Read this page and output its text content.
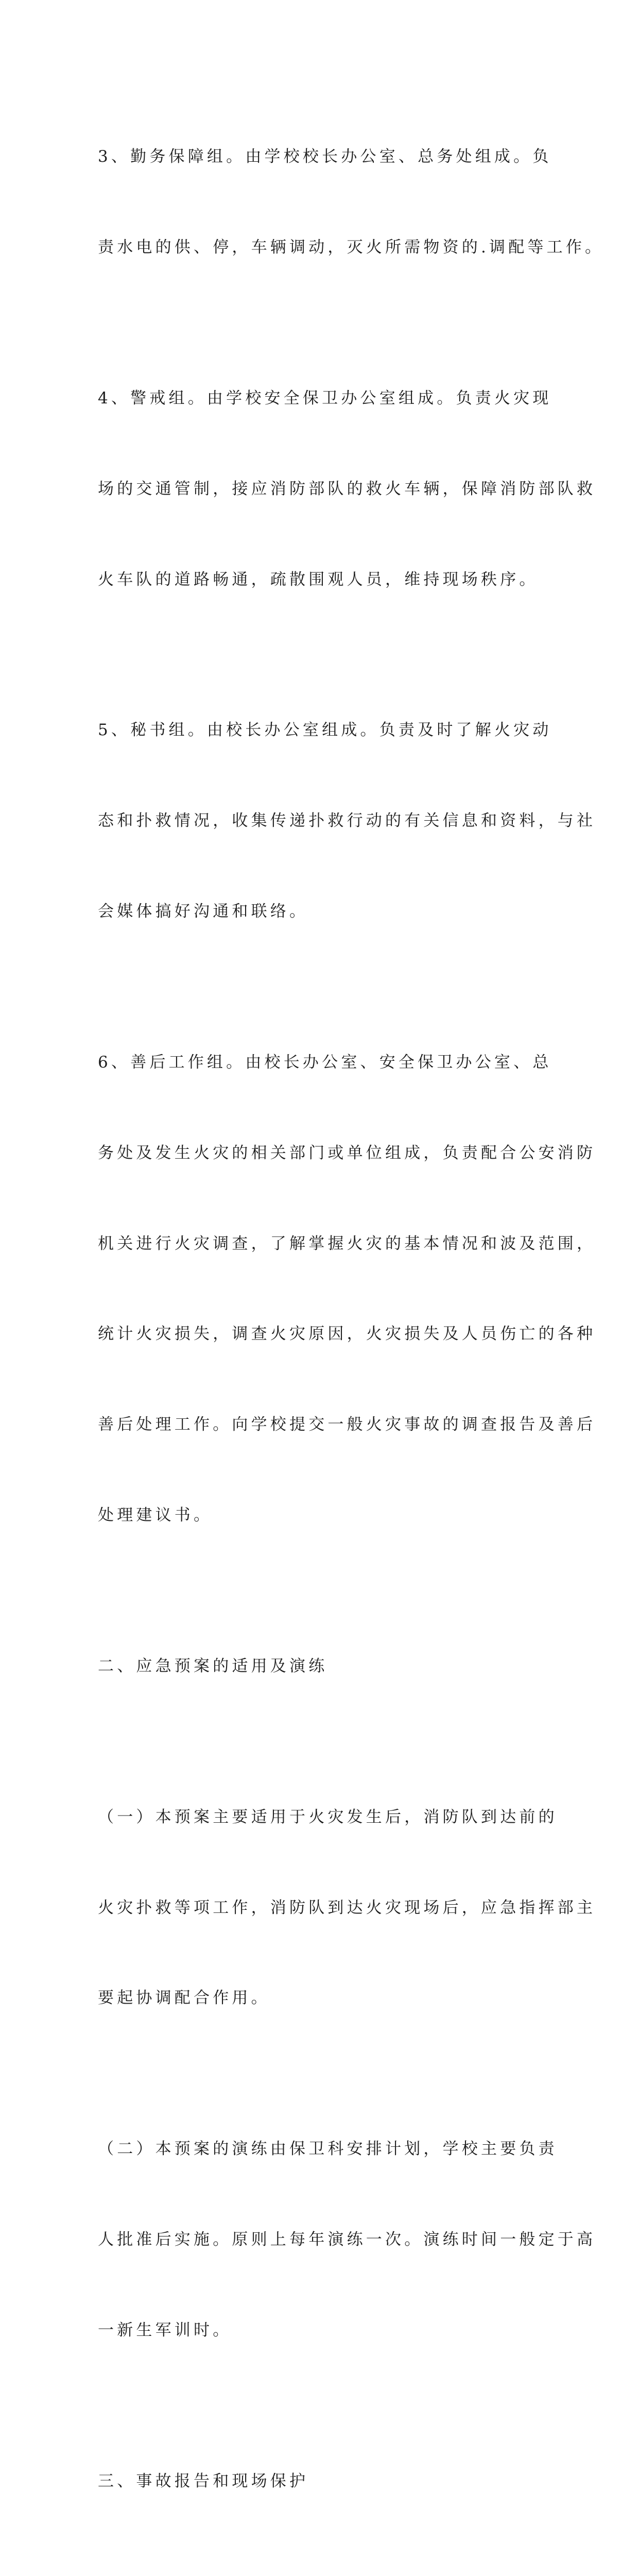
3、勤务保障组。由学校校长办公室、总务处组成。负

责水电的供、停，车辆调动，灭火所需物资的.调配等工作。

4、警戒组。由学校安全保卫办公室组成。负责火灾现

场的交通管制，接应消防部队的救火车辆，保障消防部队救

火车队的道路畅通，疏散围观人员，维持现场秩序。

5、秘书组。由校长办公室组成。负责及时了解火灾动

态和扑救情况，收集传递扑救行动的有关信息和资料，与社

会媒体搞好沟通和联络。

6、善后工作组。由校长办公室、安全保卫办公室、总

务处及发生火灾的相关部门或单位组成，负责配合公安消防

机关进行火灾调查，了解掌握火灾的基本情况和波及范围，

统计火灾损失，调查火灾原因，火灾损失及人员伤亡的各种

善后处理工作。向学校提交一般火灾事故的调查报告及善后

处理建议书。

二、应急预案的适用及演练

（一）本预案主要适用于火灾发生后，消防队到达前的

火灾扑救等项工作，消防队到达火灾现场后，应急指挥部主

要起协调配合作用。

（二）本预案的演练由保卫科安排计划，学校主要负责

人批准后实施。原则上每年演练一次。演练时间一般定于高

一新生军训时。

三、事故报告和现场保护
